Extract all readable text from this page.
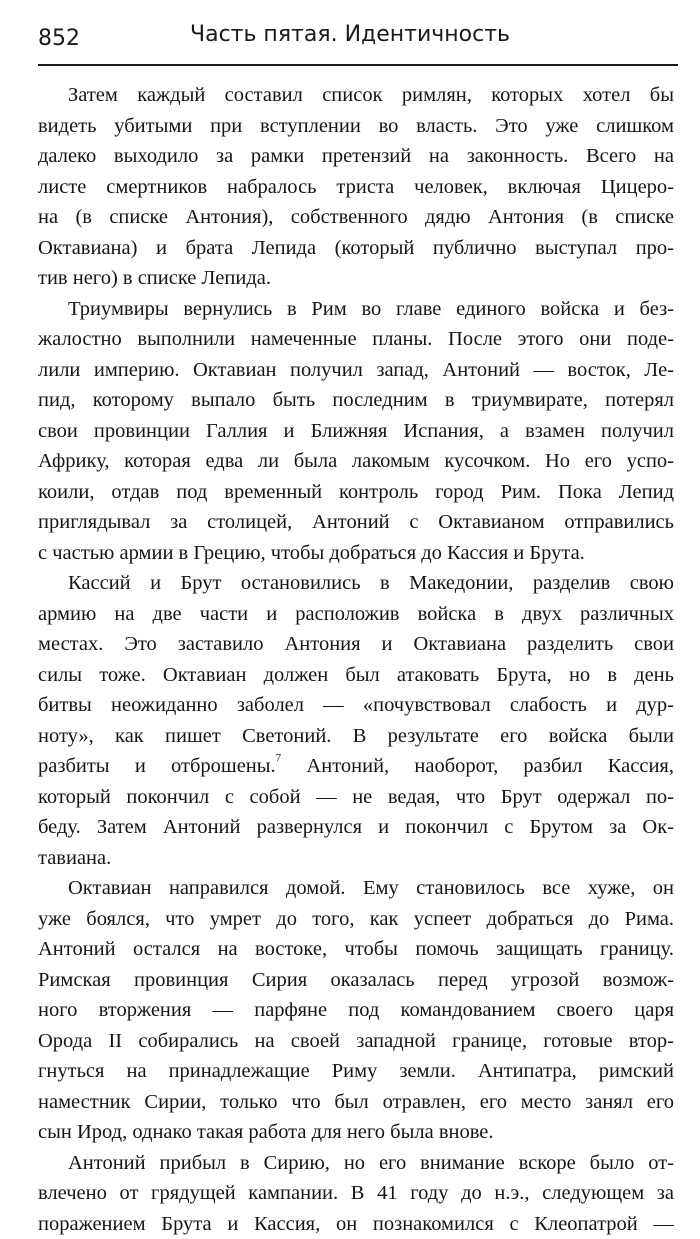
852	Часть пятая. Идентичность
Затем каждый составил список римлян, которых хотел бы
видеть убитыми при вступлении во власть. Это уже слишком
далеко выходило за рамки претензий на законность. Всего на
листе смертников набралось триста человек, включая Цицеро-
на (в списке Антония), собственного дядю Антония (в списке
Октавиана) и брата Лепида (который публично выступал про-
тив него) в списке Лепида.
Триумвиры вернулись в Рим во главе единого войска и без-
жалостно выполнили намеченные планы. После этого они поде-
лили империю. Октавиан получил запад, Антоний — восток, Ле-
пид, которому выпало быть последним в триумвирате, потерял
свои провинции Галлия и Ближняя Испания, а взамен получил
Африку, которая едва ли была лакомым кусочком. Но его успо-
коили, отдав под временный контроль город Рим. Пока Лепид
приглядывал за столицей, Антоний с Октавианом отправились
с частью армии в Грецию, чтобы добраться до Кассия и Брута.
Кассий и Брут остановились в Македонии, разделив свою
армию на две части и расположив войска в двух различных
местах. Это заставило Антония и Октавиана разделить свои
силы тоже. Октавиан должен был атаковать Брута, но в день
битвы неожиданно заболел — «почувствовал слабость и дур-
ноту», как пишет Светоний. В результате его войска были
разбиты и отброшены.$^7$ Антоний, наоборот, разбил Кассия,
который покончил с собой — не ведая, что Брут одержал по-
беду. Затем Антоний развернулся и покончил с Брутом за Ок-
тавиана.
Октавиан направился домой. Ему становилось все хуже, он
уже боялся, что умрет до того, как успеет добраться до Рима.
Антоний остался на востоке, чтобы помочь защищать границу.
Римская провинция Сирия оказалась перед угрозой возмож-
ного вторжения — парфяне под командованием своего царя
Орода II собирались на своей западной границе, готовые втор-
гнуться на принадлежащие Риму земли. Антипатра, римский
наместник Сирии, только что был отравлен, его место занял его
сын Ирод, однако такая работа для него была внове.
Антоний прибыл в Сирию, но его внимание вскоре было от-
влечено от грядущей кампании. В 41 году до н.э., следующем за
поражением Брута и Кассия, он познакомился с Клеопатрой —
